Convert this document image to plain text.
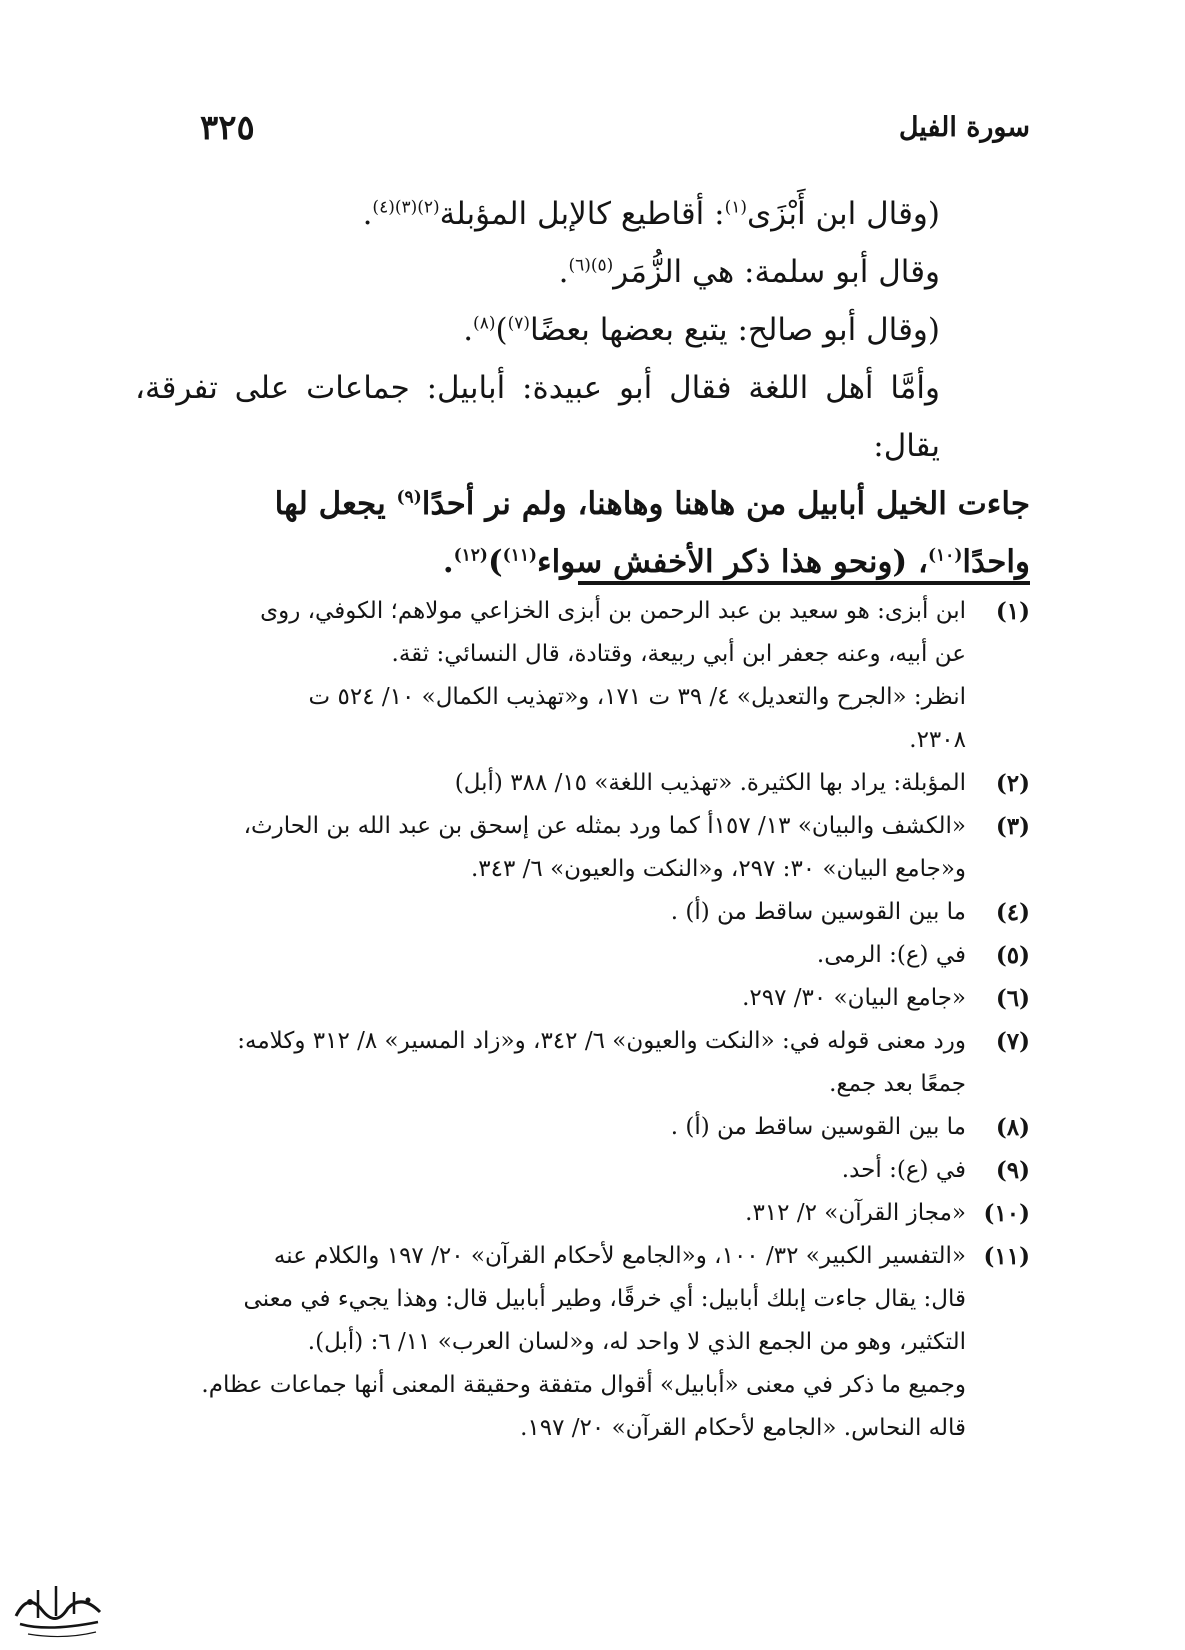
سورة الفيل
٣٢٥

(وقال ابن أَبْزَى$^{(١)}$: أقاطيع كالإبل المؤبلة$^{(٢)(٣)(٤)}$.

وقال أبو سلمة: هي الزُّمَر$^{(٥)(٦)}$.

(وقال أبو صالح: يتبع بعضها بعضًا$^{(٧)}$)$^{(٨)}$.

وأمَّا أهل اللغة فقال أبو عبيدة: أبابيل: جماعات على تفرقة، يقال:

جاءت الخيل أبابيل من هاهنا وهاهنا، ولم نر أحدًا$^{(٩)}$ يجعل لها

واحدًا$^{(١٠)}$، (ونحو هذا ذكر الأخفش سواء$^{(١١)}$)$^{(١٢)}$.

(١)
ابن أبزى: هو سعيد بن عبد الرحمن بن أبزى الخزاعي مولاهم؛ الكوفي، روى
عن أبيه، وعنه جعفر ابن أبي ربيعة، وقتادة، قال النسائي: ثقة.
انظر: «الجرح والتعديل» ٤/ ٣٩ ت ١٧١، و«تهذيب الكمال» ١٠/ ٥٢٤ ت
٢٣٠٨.
(٢)
المؤبلة: يراد بها الكثيرة. «تهذيب اللغة» ١٥/ ٣٨٨ (أبل)
(٣)
«الكشف والبيان» ١٣/ ١٥٧أ كما ورد بمثله عن إسحق بن عبد الله بن الحارث،
و«جامع البيان» ٣٠: ٢٩٧، و«النكت والعيون» ٦/ ٣٤٣.
(٤)
ما بين القوسين ساقط من (أ) .
(٥)
في (ع): الرمى.
(٦)
«جامع البيان» ٣٠/ ٢٩٧.
(٧)
ورد معنى قوله في: «النكت والعيون» ٦/ ٣٤٢، و«زاد المسير» ٨/ ٣١٢ وكلامه:
جمعًا بعد جمع.
(٨)
ما بين القوسين ساقط من (أ) .
(٩)
في (ع): أحد.
(١٠)
«مجاز القرآن» ٢/ ٣١٢.
(١١)
«التفسير الكبير» ٣٢/ ١٠٠، و«الجامع لأحكام القرآن» ٢٠/ ١٩٧ والكلام عنه
قال: يقال جاءت إبلك أبابيل: أي خرقًا، وطير أبابيل قال: وهذا يجيء في معنى
التكثير، وهو من الجمع الذي لا واحد له، و«لسان العرب» ١١/ ٦: (أبل).
وجميع ما ذكر في معنى «أبابيل» أقوال متفقة وحقيقة المعنى أنها جماعات عظام.
قاله النحاس. «الجامع لأحكام القرآن» ٢٠/ ١٩٧.
